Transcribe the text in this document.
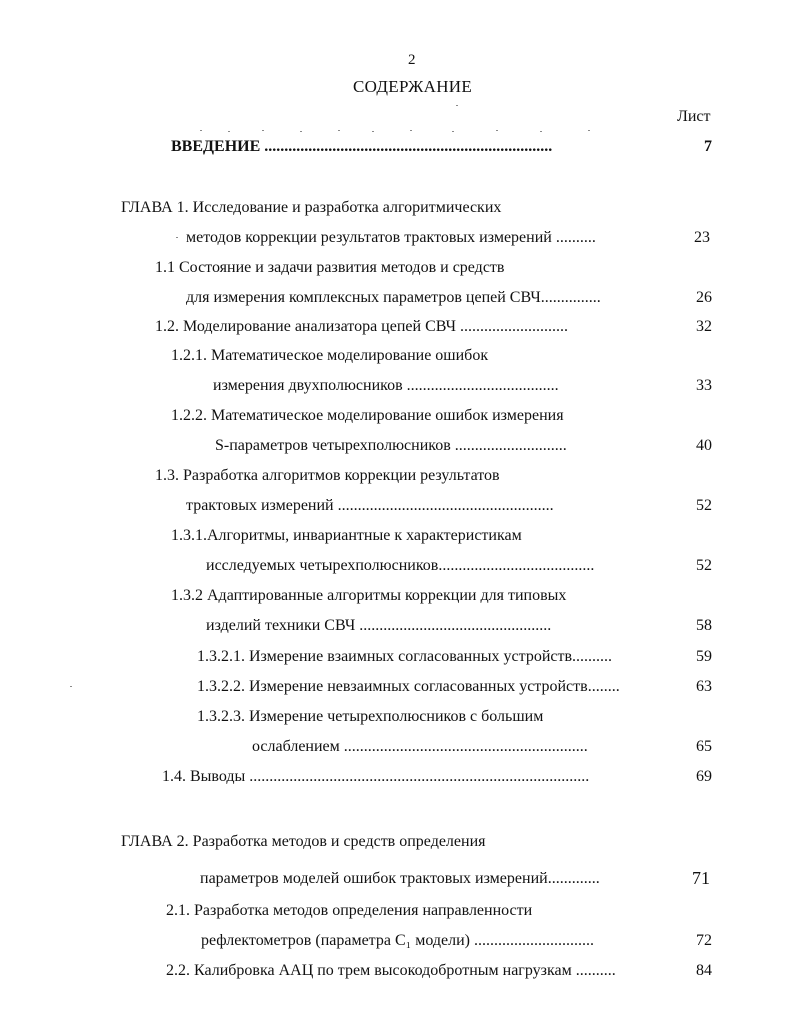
2
СОДЕРЖАНИЕ
Лист
ВВЕДЕНИЕ ........................................................................	7
ГЛАВА 1. Исследование и разработка алгоритмических
методов коррекции результатов трактовых измерений ..........	23
1.1 Состояние и задачи развития методов и средств
для измерения комплексных параметров цепей СВЧ...............	26
1.2. Моделирование анализатора цепей СВЧ ...........................	32
1.2.1. Математическое моделирование ошибок
измерения двухполюсников ......................................	33
1.2.2. Математическое моделирование ошибок измерения
S-параметров четырехполюсников ............................	40
1.3. Разработка алгоритмов коррекции результатов
трактовых измерений ......................................................	52
1.3.1.Алгоритмы, инвариантные к характеристикам
исследуемых четырехполюсников.......................................	52
1.3.2 Адаптированные алгоритмы коррекции для типовых
изделий техники СВЧ ................................................	58
1.3.2.1. Измерение взаимных согласованных устройств..........	59
1.3.2.2. Измерение невзаимных согласованных устройств........	63
1.3.2.3. Измерение четырехполюсников с большим
ослаблением .............................................................	65
1.4. Выводы .....................................................................................	69
ГЛАВА 2. Разработка методов и средств определения
параметров моделей ошибок трактовых измерений.............	71
2.1. Разработка методов определения направленности
рефлектометров (параметра C₁ модели) ..............................	72
2.2. Калибровка ААЦ по трем высокодобротным нагрузкам ..........	84
